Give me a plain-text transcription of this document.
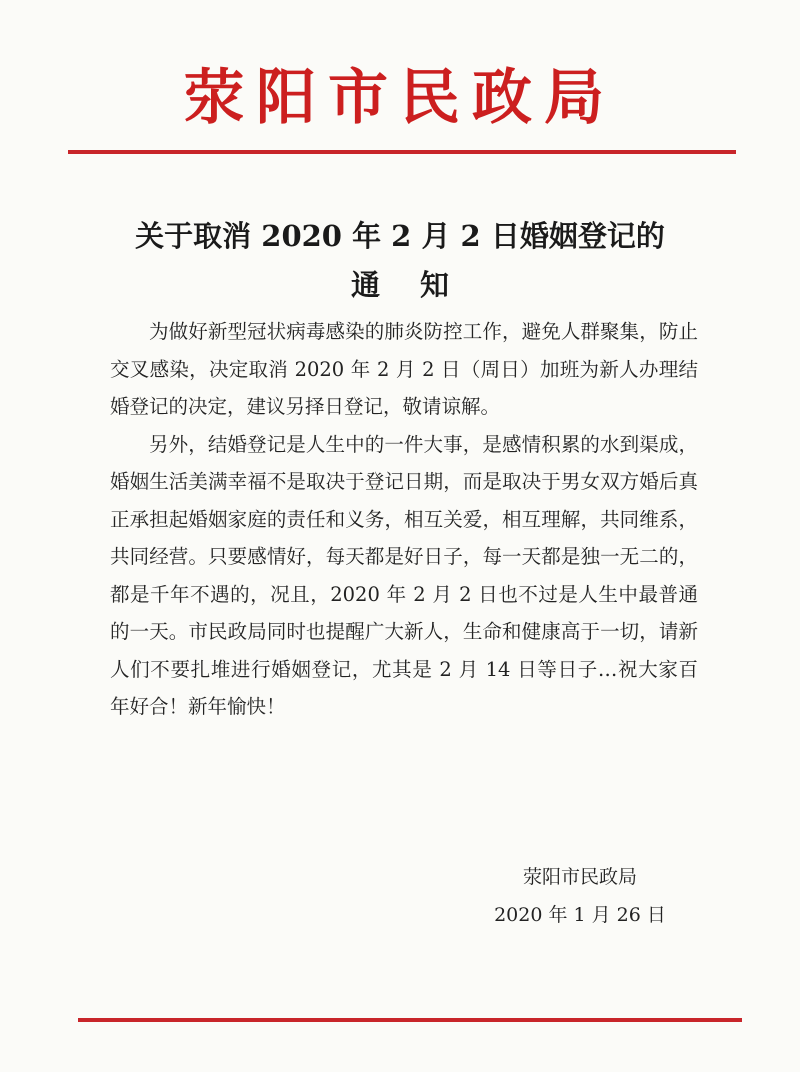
荥阳市民政局
关于取消 2020 年 2 月 2 日婚姻登记的
通知

为做好新型冠状病毒感染的肺炎防控工作，避免人群聚集，防止交叉感染，决定取消 2020 年 2 月 2 日（周日）加班为新人办理结婚登记的决定，建议另择日登记，敬请谅解。

另外，结婚登记是人生中的一件大事，是感情积累的水到渠成，婚姻生活美满幸福不是取决于登记日期，而是取决于男女双方婚后真正承担起婚姻家庭的责任和义务，相互关爱，相互理解，共同维系，共同经营。只要感情好，每天都是好日子，每一天都是独一无二的，都是千年不遇的，况且，2020 年 2 月 2 日也不过是人生中最普通的一天。市民政局同时也提醒广大新人，生命和健康高于一切，请新人们不要扎堆进行婚姻登记，尤其是 2 月 14 日等日子…祝大家百年好合！新年愉快！

荥阳市民政局
2020 年 1 月 26 日
